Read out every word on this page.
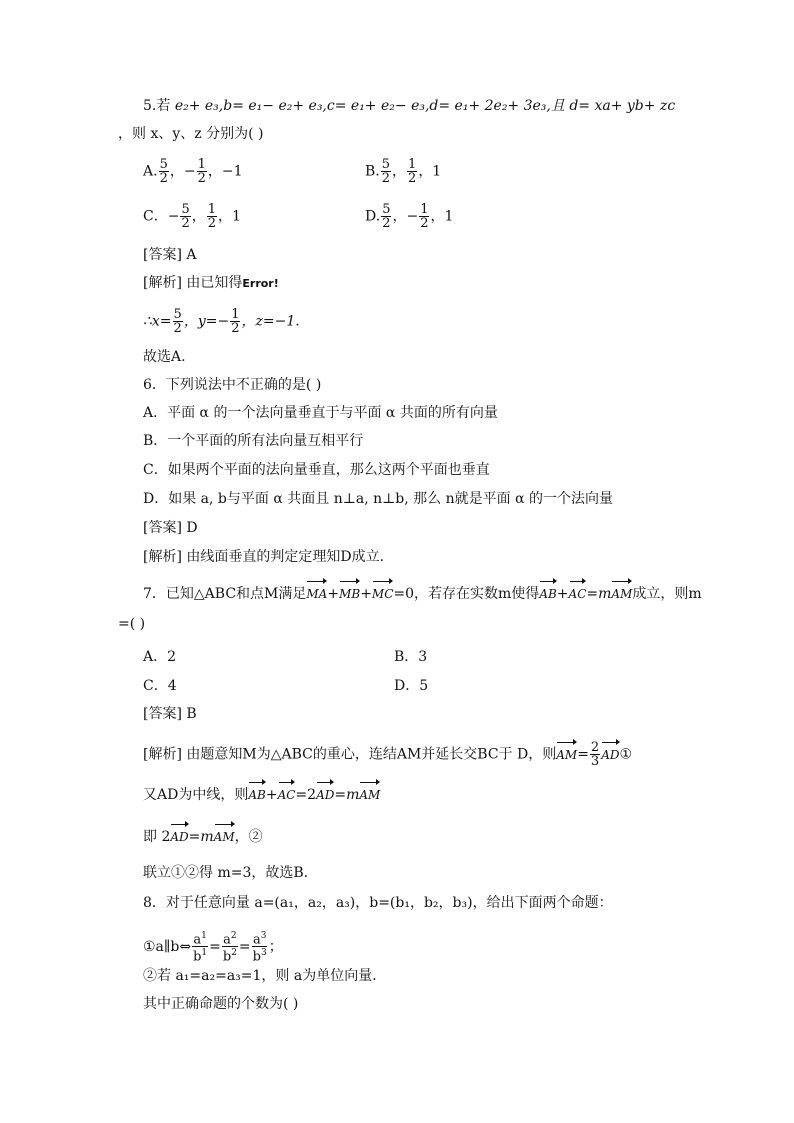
5.若 e₂+ e₃,b= e₁− e₂+ e₃,c= e₁+ e₂− e₃,d= e₁+ 2e₂+ 3e₃,且 d= xa+ yb+ zc
，则 x、y、z 分别为( )
A. $\frac{5}{2}$ ，− $\frac{1}{2}$ ，−1	B. $\frac{5}{2}$ ， $\frac{1}{2}$ ，1
C．− $\frac{5}{2}$ ， $\frac{1}{2}$ ，1	D. $\frac{5}{2}$ ，− $\frac{1}{2}$ ，1
[答案] A
[解析] 由已知得Error!
∴x= $\frac{5}{2}$ ，$y=- \frac{1}{2}$ ，z=−1.
故选A.
6．下列说法中不正确的是( )
A．平面 α 的一个法向量垂直于与平面 α 共面的所有向量
B．一个平面的所有法向量互相平行
C．如果两个平面的法向量垂直，那么这两个平面也垂直
D．如果 a, b与平面 α 共面且 n⊥a, n⊥b, 那么 n就是平面 α 的一个法向量
[答案] D
[解析] 由线面垂直的判定定理知D成立．
7．已知△ABC和点M满足MA+MB+MC=0，若存在实数m使得AB+AC=mAM成立，则m
=( )
A．2	B．3
C．4	D．5
[答案] B
[解析] 由题意知M为△ABC的重心，连结AM并延长交BC于 D，则$AM= \frac{2}{3}$ AD①
又AD为中线，则AB+AC=2AD=mAM
即 2AD=mAM，②
联立①②得 m=3，故选B.
8．对于任意向量 a=(a₁，a₂，a₃)，b=(b₁，b₂，b₃)，给出下面两个命题：
①a∥b⇔ $\frac{a^1}{b^1} = \frac{a^2}{b^2} = \frac{a^3}{b^3}$ ；
②若 a₁=a₂=a₃=1，则 a为单位向量．
其中正确命题的个数为( )
